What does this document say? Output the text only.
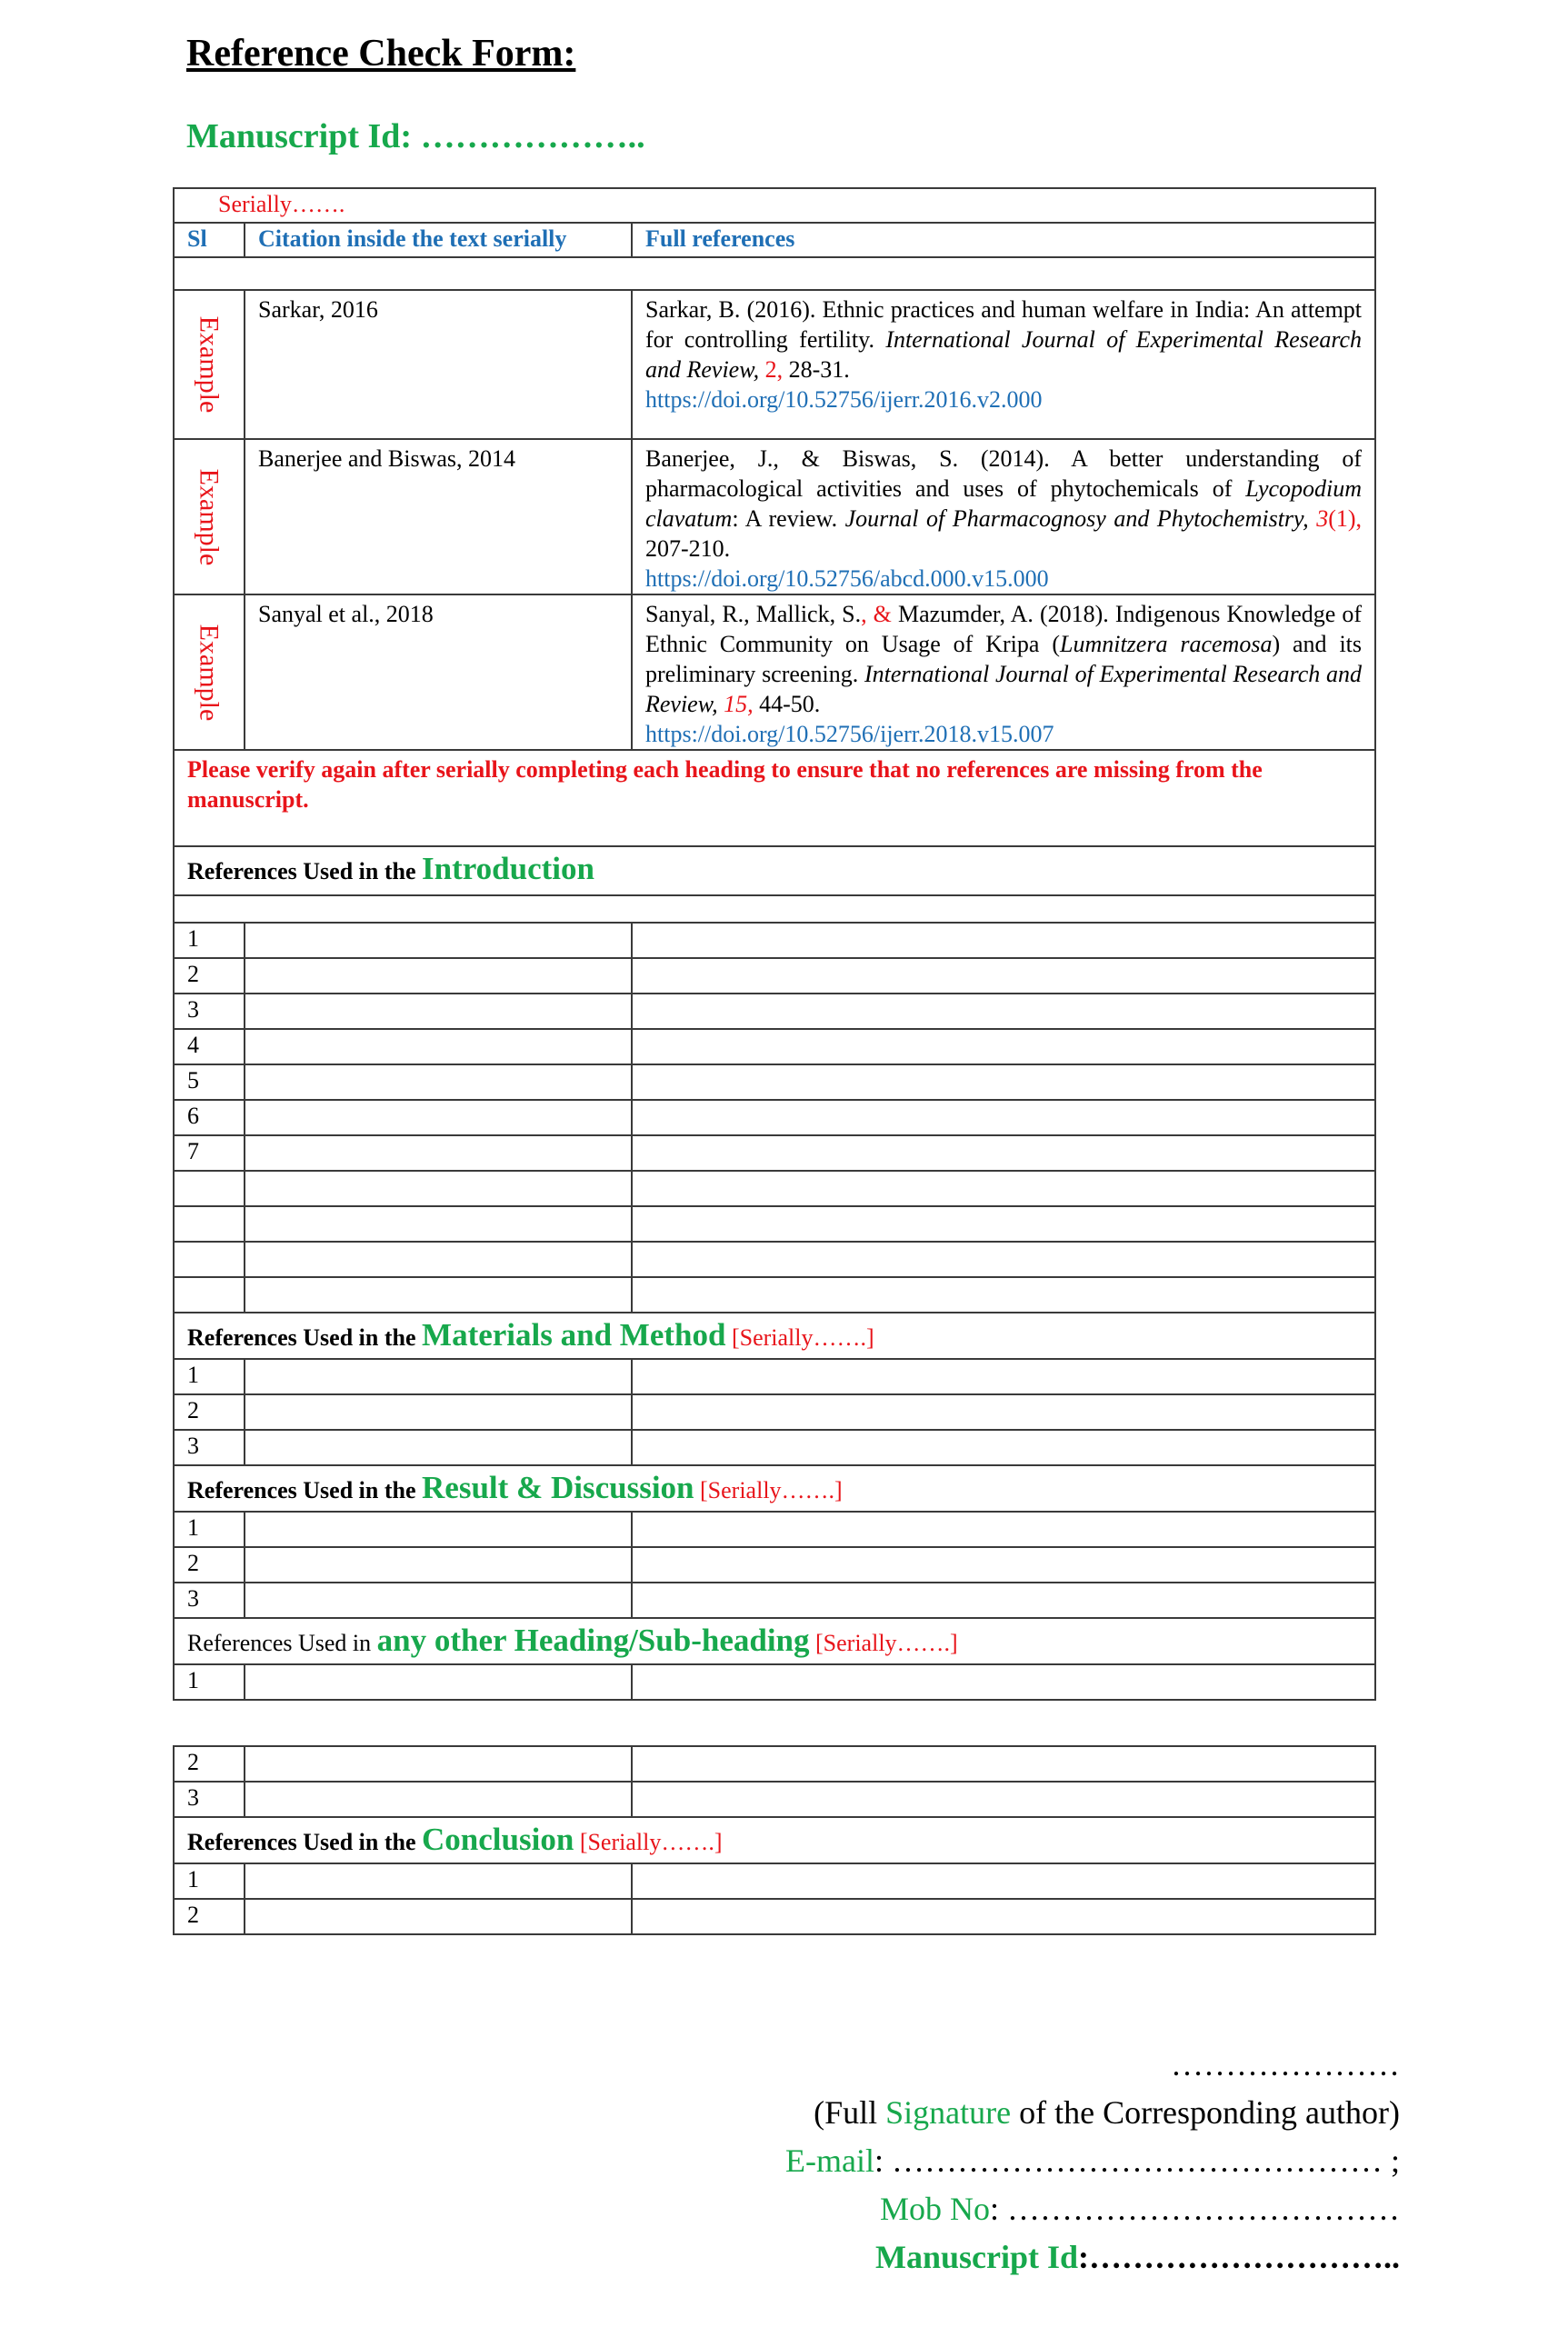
Reference Check Form:
Manuscript Id: ………………..
Serially…….		
Sl	Citation inside the text serially	Full references

Example	Sarkar, 2016	Sarkar, B. (2016). Ethnic practices and human welfare in India: An attempt for controlling fertility. International Journal of Experimental Research and Review, 2, 28-31.
https://doi.org/10.52756/ijerr.2016.v2.000

Example	Banerjee and Biswas, 2014	Banerjee, J., & Biswas, S. (2014). A better understanding of pharmacological activities and uses of phytochemicals of Lycopodium clavatum: A review. Journal of Pharmacognosy and Phytochemistry, 3(1), 207-210.
https://doi.org/10.52756/abcd.000.v15.000

Example	Sanyal et al., 2018	Sanyal, R., Mallick, S., & Mazumder, A. (2018). Indigenous Knowledge of Ethnic Community on Usage of Kripa (Lumnitzera racemosa) and its preliminary screening. International Journal of Experimental Research and Review, 15, 44-50.
https://doi.org/10.52756/ijerr.2018.v15.007

Please verify again after serially completing each heading to ensure that no references are missing from the manuscript.		
References Used in the Introduction		

1		
2		
3		
4		
5		
6		
7		

References Used in the Materials and Method [Serially…….]		
1		
2		
3		
References Used in the Result & Discussion [Serially…….]		
1		
2		
3		
References Used in any other Heading/Sub-heading [Serially…….]		
1		
2		
3		
References Used in the Conclusion [Serially…….]		
1		
2		
…………………
(Full Signature of the Corresponding author)
E-mail: ……………………………………… ;
Mob No: ………………………………
Manuscript Id:………………………..
